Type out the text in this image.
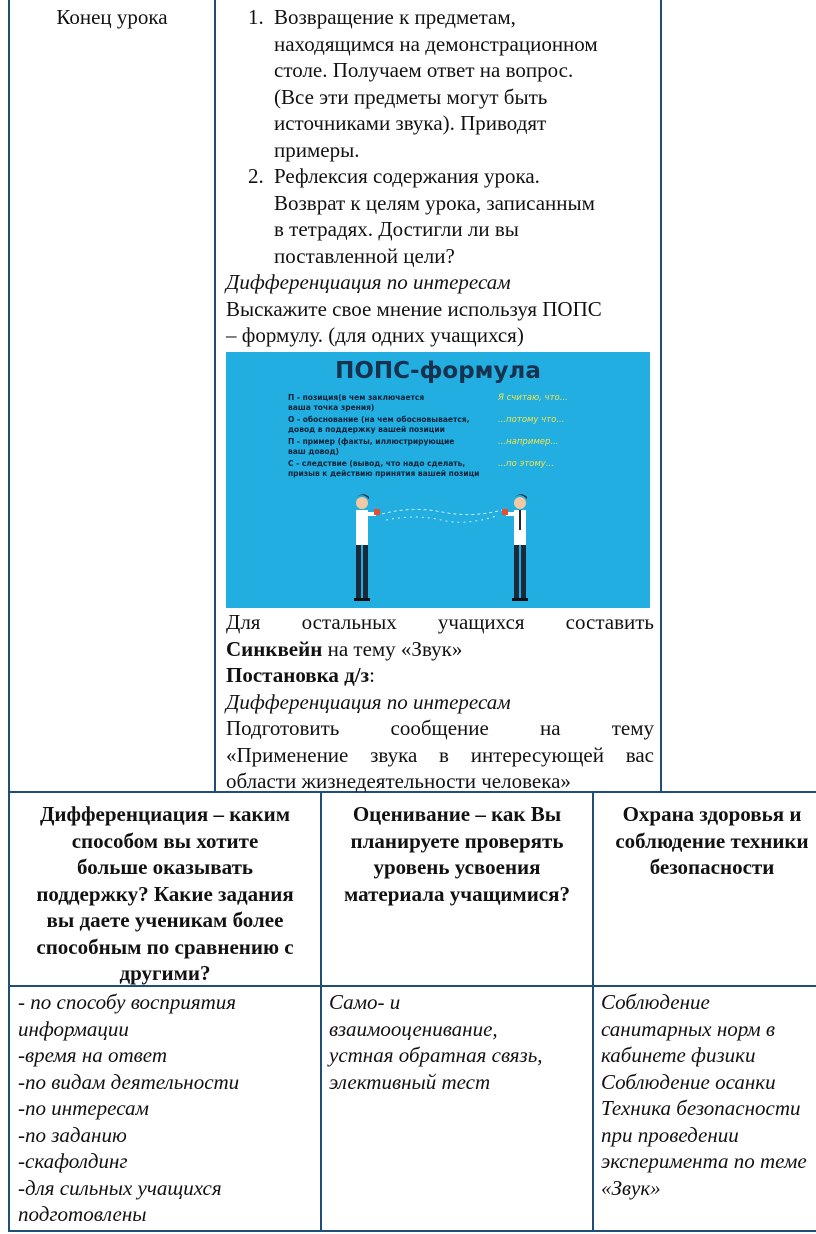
Конец урока	1. Возвращение к предметам,
находящимся на демонстрационном
столе. Получаем ответ на вопрос.
(Все эти предметы могут быть
источниками звука). Приводят
примеры.
2. Рефлексия содержания урока.
Возврат к целям урока, записанным
в тетрадях. Достигли ли вы
поставленной цели?
Дифференциация по интересам
Выскажите свое мнение используя ПОПС
– формулу. (для одних учащихся)
ПОПС-формула
П - позиция(в чем заключается
ваша точка зрения)
О - обоснование (на чем обосновывается,
довод в поддержку вашей позиции
П - пример (факты, иллюстрирующие
ваш довод)
С - следствие (вывод, что надо сделать,
призыв к действию принятия вашей позици
Я считаю, что...
...потому что...
...например...
...по этому...
Для остальных учащихся составить
Синквейн на тему «Звук»
Постановка д/з:
Дифференциация по интересам
Подготовить сообщение на тему
«Применение звука в интересующей вас
области жизнедеятельности человека»
Дифференциация – каким
способом вы хотите
больше оказывать
поддержку? Какие задания
вы даете ученикам более
способным по сравнению с
другими?
Оценивание – как Вы
планируете проверять
уровень усвоения
материала учащимися?
Охрана здоровья и
соблюдение техники
безопасности
- по способу восприятия
информации
-время на ответ
-по видам деятельности
-по интересам
-по заданию
-скафолдинг
-для сильных учащихся
подготовлены
Само- и
взаимооценивание,
устная обратная связь,
элективный тест
Соблюдение
санитарных норм в
кабинете физики
Соблюдение осанки
Техника безопасности
при проведении
эксперимента по теме
«Звук»
